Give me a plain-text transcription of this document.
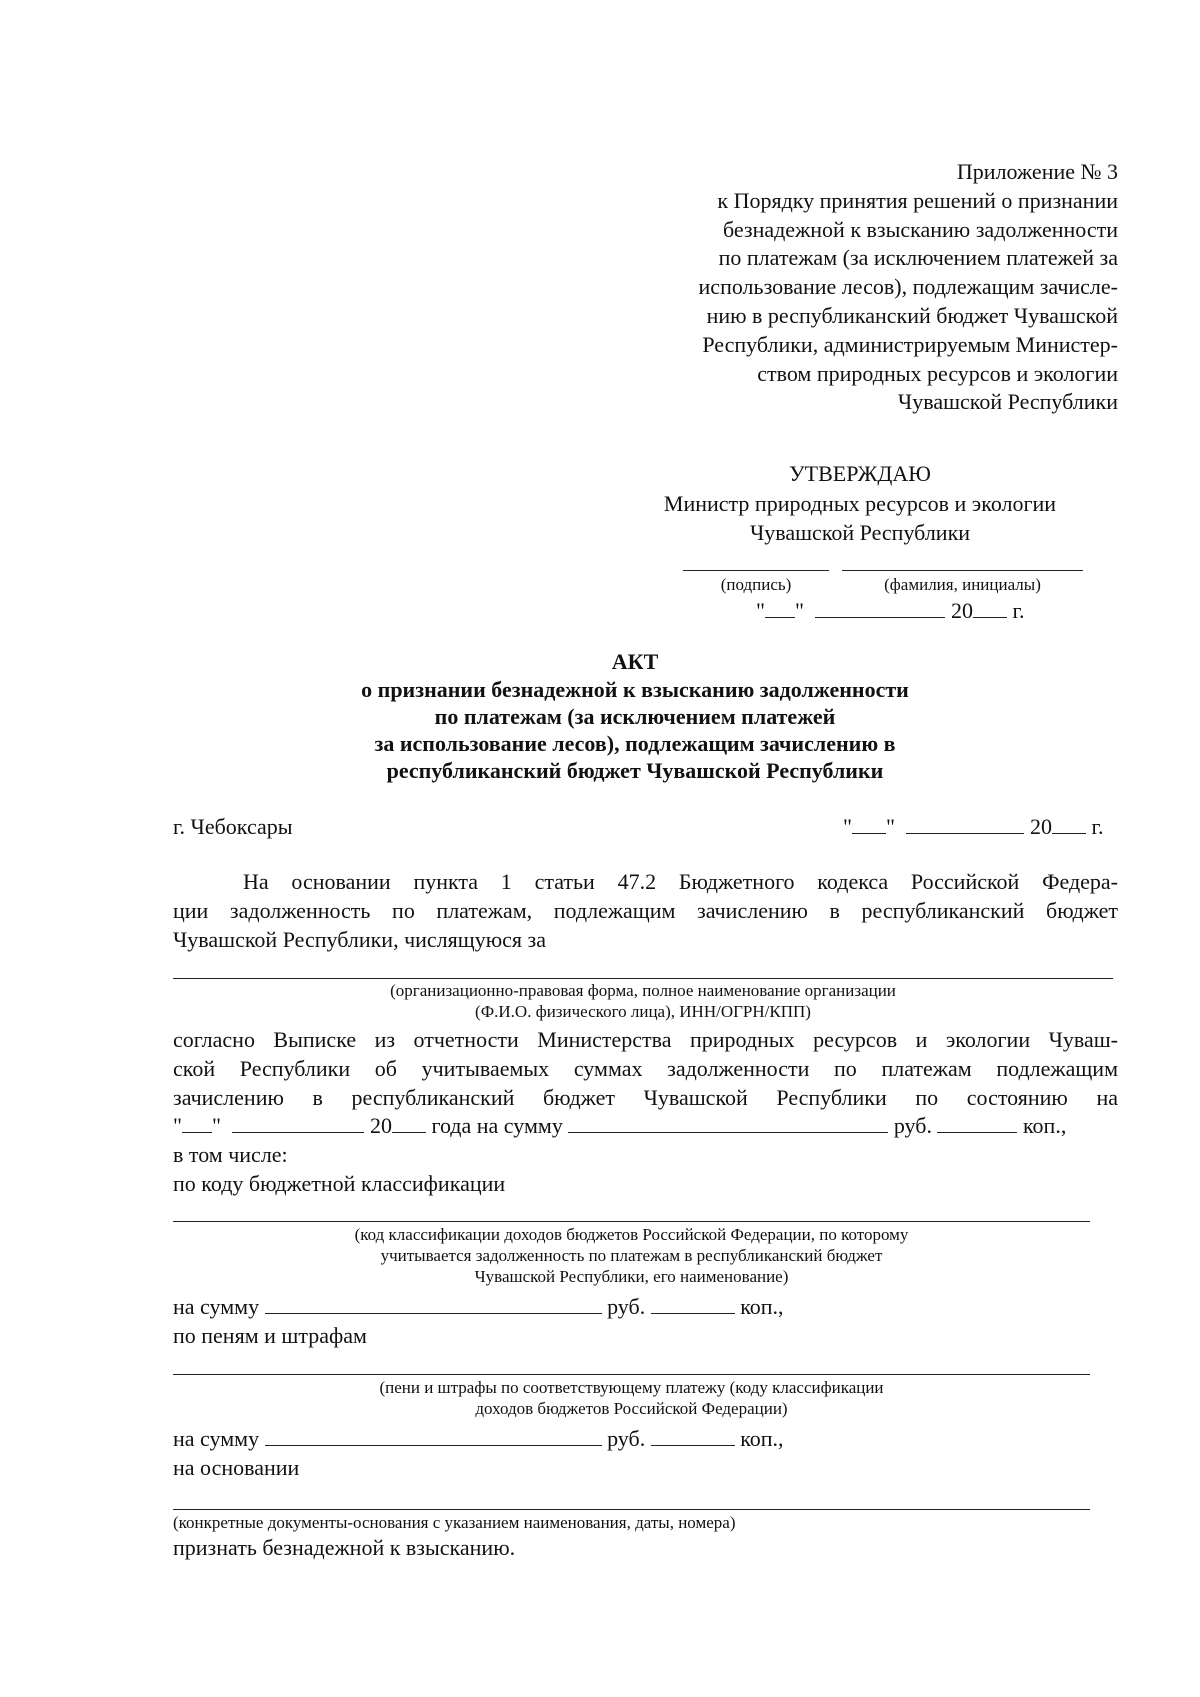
Приложение № 3
к Порядку принятия решений о признании
безнадежной к взысканию задолженности
по платежам (за исключением платежей за
использование лесов), подлежащим зачисле-
нию в республиканский бюджет Чувашской
Республики, администрируемым Министер-
ством природных ресурсов и экологии
Чувашской Республики
УТВЕРЖДАЮ
Министр природных ресурсов и экологии
Чувашской Республики
(подпись)	(фамилия, инициалы)
" "	20 г.
АКТ
о признании безнадежной к взысканию задолженности
по платежам (за исключением платежей
за использование лесов), подлежащим зачислению в
республиканский бюджет Чувашской Республики
г. Чебоксары	" "	20 г.
На основании пункта 1 статьи 47.2 Бюджетного кодекса Российской Федера-
ции задолженность по платежам, подлежащим зачислению в республиканский бюджет
Чувашской Республики, числящуюся за
(организационно-правовая форма, полное наименование организации
(Ф.И.О. физического лица), ИНН/ОГРН/КПП)
согласно Выписке из отчетности Министерства природных ресурсов и экологии Чуваш-
ской Республики об учитываемых суммах задолженности по платежам подлежащим
зачислению в республиканский бюджет Чувашской Республики по состоянию на
" "	20 года на сумму	руб.	коп.,
в том числе:
по коду бюджетной классификации
(код классификации доходов бюджетов Российской Федерации, по которому
учитывается задолженность по платежам в республиканский бюджет
Чувашской Республики, его наименование)
на сумму	руб.	коп.,
по пеням и штрафам
(пени и штрафы по соответствующему платежу (коду классификации
доходов бюджетов Российской Федерации)
на сумму	руб.	коп.,
на основании
(конкретные документы-основания с указанием наименования, даты, номера)
признать безнадежной к взысканию.
